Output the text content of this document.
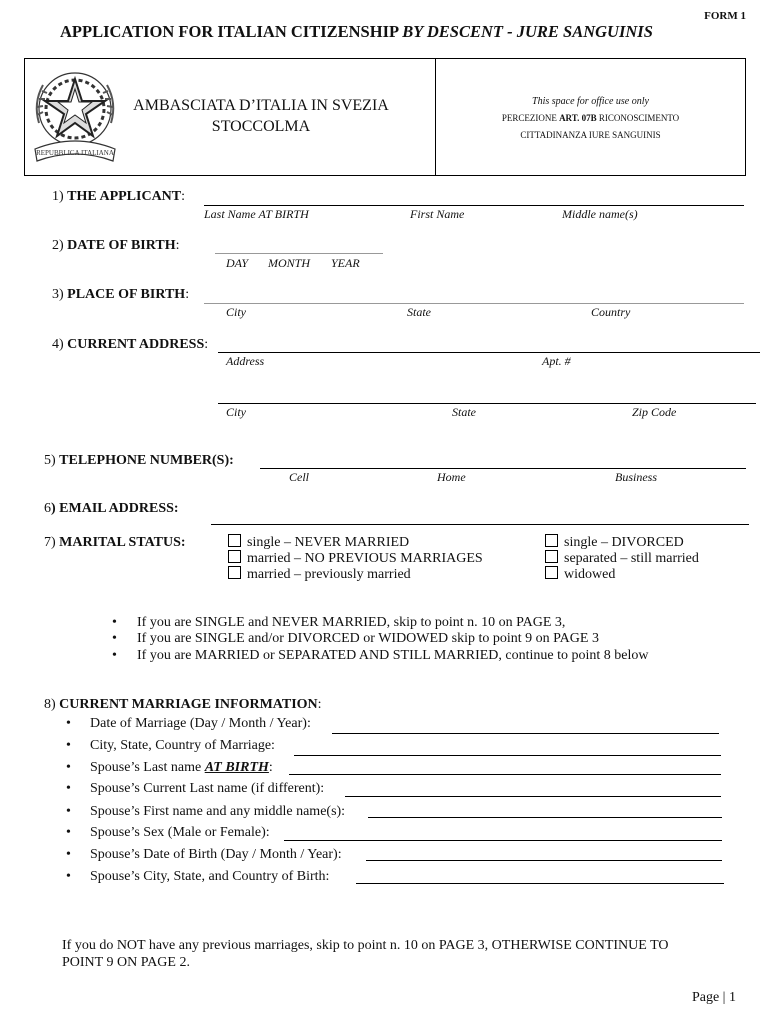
FORM 1
APPLICATION FOR ITALIAN CITIZENSHIP BY DESCENT - JURE SANGUINIS
REPUBBLICA ITALIANA
AMBASCIATA D’ITALIA IN SVEZIA
STOCCOLMA
This space for office use only
PERCEZIONE ART. 07B RICONOSCIMENTO
CITTADINANZA IURE SANGUINIS
1) THE APPLICANT:
Last Name AT BIRTH	First Name	Middle name(s)
2) DATE OF BIRTH:
DAY MONTH YEAR
3) PLACE OF BIRTH:
City	State	Country
4) CURRENT ADDRESS:
Address	Apt. #
City	State	Zip Code
5) TELEPHONE NUMBER(S):
Cell	Home	Business
6) EMAIL ADDRESS:
7) MARITAL STATUS:	single – NEVER MARRIED
married – NO PREVIOUS MARRIAGES
married – previously married
single – DIVORCED
separated – still married
widowed
• If you are SINGLE and NEVER MARRIED, skip to point n. 10 on PAGE 3,
• If you are SINGLE and/or DIVORCED or WIDOWED skip to point 9 on PAGE 3
• If you are MARRIED or SEPARATED AND STILL MARRIED, continue to point 8 below
8) CURRENT MARRIAGE INFORMATION:
• Date of Marriage (Day / Month / Year):
• City, State, Country of Marriage:
• Spouse’s Last name AT BIRTH:
• Spouse’s Current Last name (if different):
• Spouse’s First name and any middle name(s):
• Spouse’s Sex (Male or Female):
• Spouse’s Date of Birth (Day / Month / Year):
• Spouse’s City, State, and Country of Birth:
If you do NOT have any previous marriages, skip to point n. 10 on PAGE 3, OTHERWISE CONTINUE TO POINT 9 ON PAGE 2.
Page | 1
